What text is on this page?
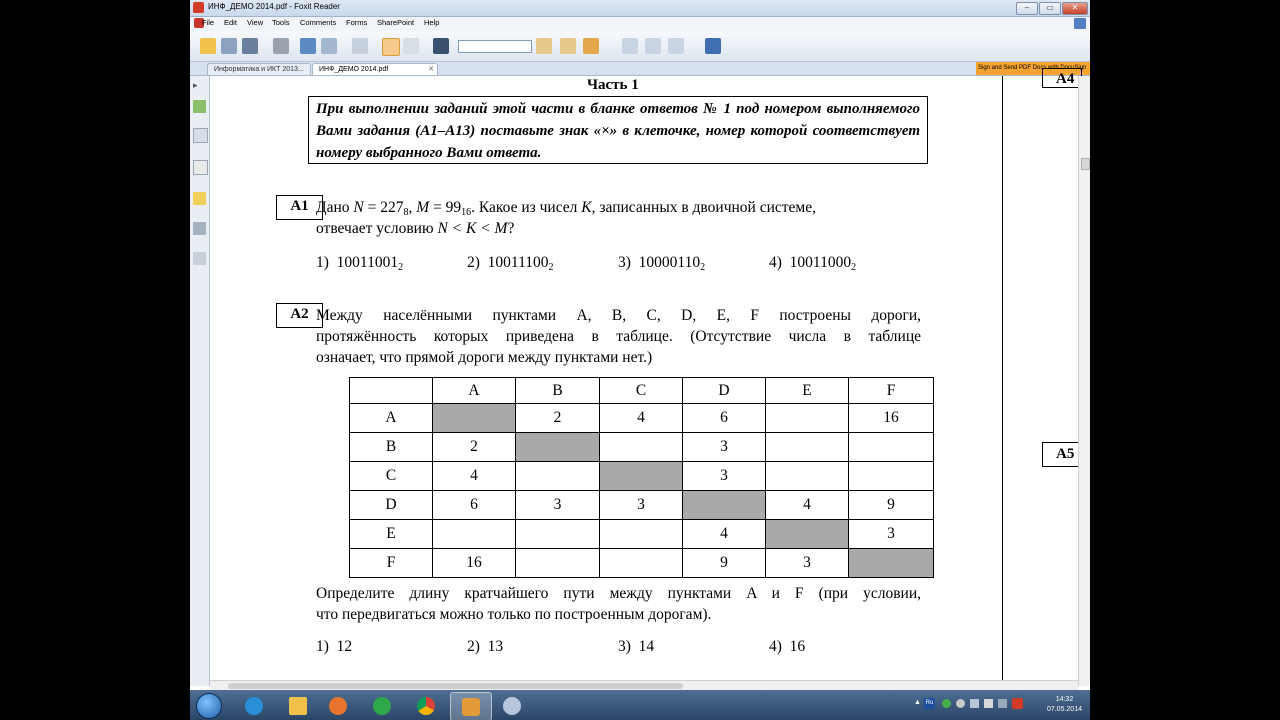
ИНФ_ДЕМО 2014.pdf - Foxit Reader	–	▭	✕
File Edit View Tools Comments Forms SharePoint Help
Информатика и ИКТ 2013...	ИНФ_ДЕМО 2014.pdf	✕	Sign and Send PDF Docs with DocuSign
▸	Часть 1
При выполнении заданий этой части в бланке ответов № 1 под номером выполняемого Вами задания (А1–А13) поставьте знак «×» в клеточке, номер которой соответствует номеру выбранного Вами ответа.
А1 Дано $N = 227_8$, $M = 99_{16}$. Какое из чисел K, записанных в двоичной системе,
отвечает условию N < K < M?
1) $10011001_2$	2) $10011100_2$	3) $10000110_2$	4) $10011000_2$
А2 Между населёнными пунктами A, B, C, D, E, F построены дороги,
протяжённость которых приведена в таблице. (Отсутствие числа в таблице
означает, что прямой дороги между пунктами нет.)
	A	B	C	D	E	F
A		2	4	6		16
B	2			3		
C	4			3		
D	6	3	3		4	9
E				4		3
F	16			9	3	
Определите длину кратчайшего пути между пунктами A и F (при условии,
что передвигаться можно только по построенным дорогам).
1) 12	2) 13	3) 14	4) 16
А4
А5
▲ Ru	14:32
07.05.2014
